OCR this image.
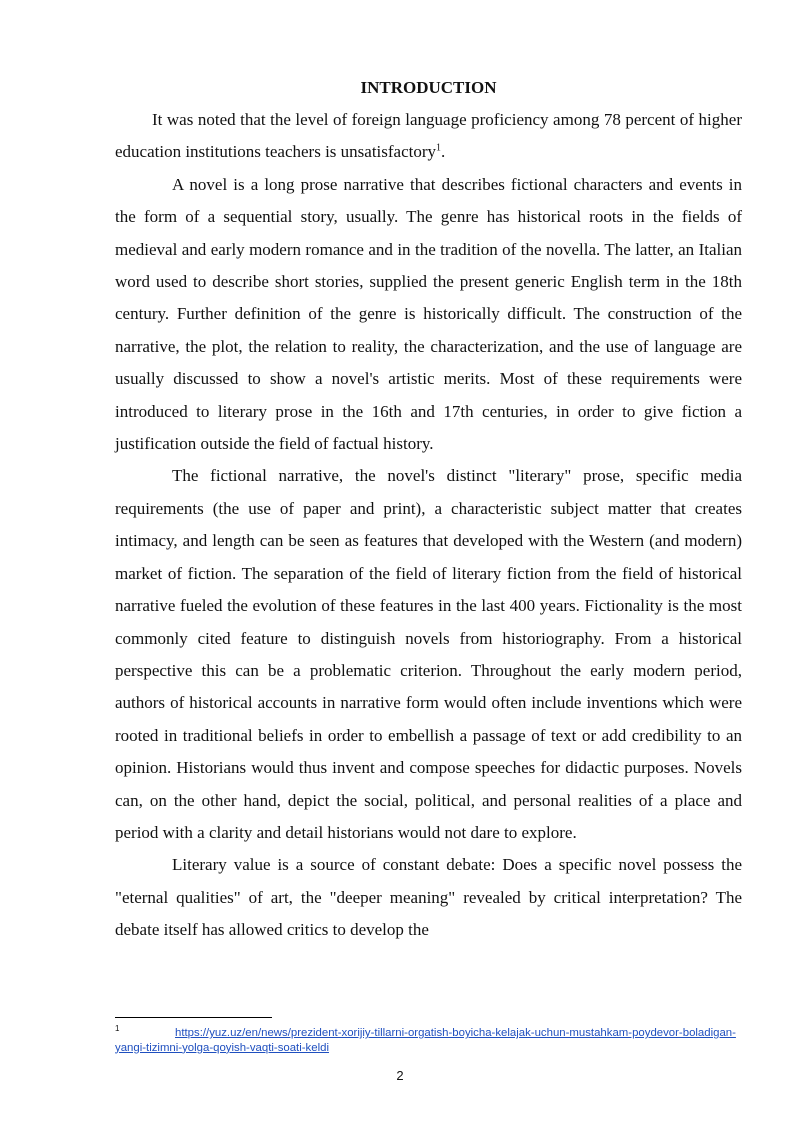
INTRODUCTION

It was noted that the level of foreign language proficiency among 78 percent of higher education institutions teachers is unsatisfactory$^1$.

A novel is a long prose narrative that describes fictional characters and events in the form of a sequential story, usually. The genre has historical roots in the fields of medieval and early modern romance and in the tradition of the novella. The latter, an Italian word used to describe short stories, supplied the present generic English term in the 18th century. Further definition of the genre is historically difficult. The construction of the narrative, the plot, the relation to reality, the characterization, and the use of language are usually discussed to show a novel's artistic merits. Most of these requirements were introduced to literary prose in the 16th and 17th centuries, in order to give fiction a justification outside the field of factual history.

The fictional narrative, the novel's distinct "literary" prose, specific media requirements (the use of paper and print), a characteristic subject matter that creates intimacy, and length can be seen as features that developed with the Western (and modern) market of fiction. The separation of the field of literary fiction from the field of historical narrative fueled the evolution of these features in the last 400 years. Fictionality is the most commonly cited feature to distinguish novels from historiography. From a historical perspective this can be a problematic criterion. Throughout the early modern period, authors of historical accounts in narrative form would often include inventions which were rooted in traditional beliefs in order to embellish a passage of text or add credibility to an opinion. Historians would thus invent and compose speeches for didactic purposes. Novels can, on the other hand, depict the social, political, and personal realities of a place and period with a clarity and detail historians would not dare to explore.

Literary value is a source of constant debate: Does a specific novel possess the "eternal qualities" of art, the "deeper meaning" revealed by critical interpretation? The debate itself has allowed critics to develop the

1	https://yuz.uz/en/news/prezident-xorijiy-tillarni-orgatish-boyicha-kelajak-uchun-mustahkam-poydevor-boladigan-yangi-tizimni-yolga-qoyish-vaqti-soati-keldi
2
